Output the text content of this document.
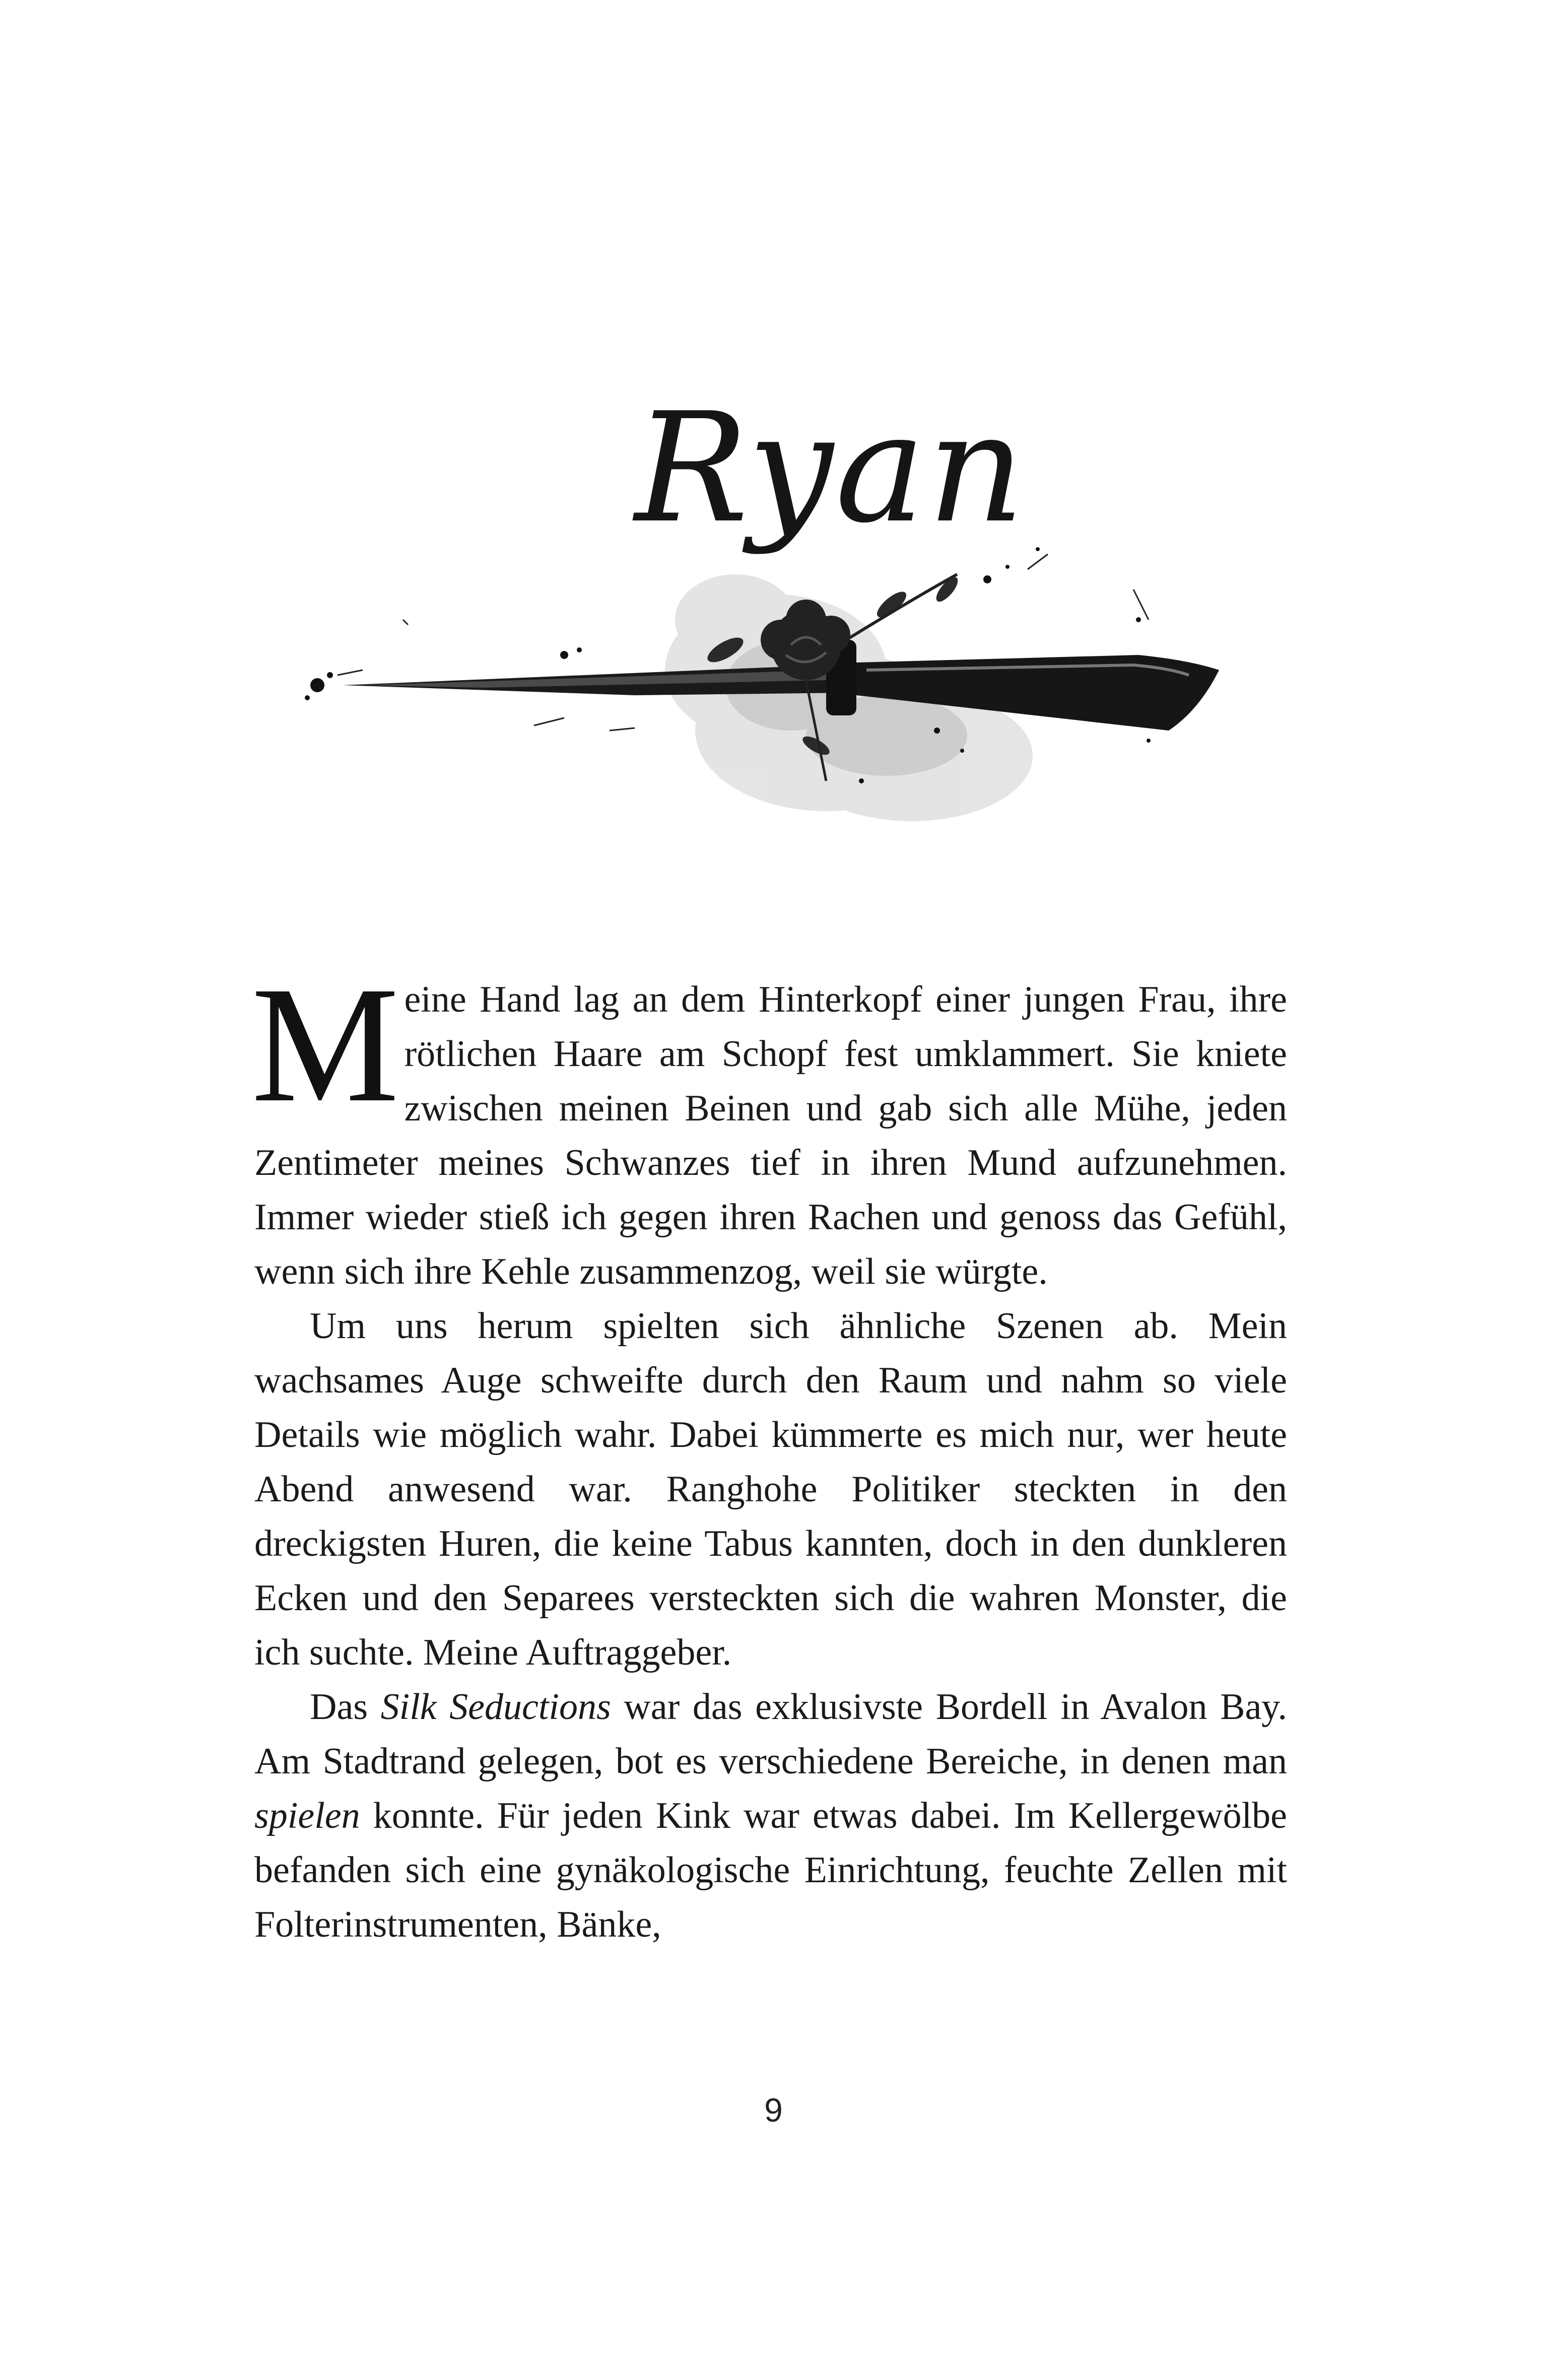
Ryan

Meine Hand lag an dem Hinterkopf einer jungen Frau, ihre rötlichen Haare am Schopf fest umklammert. Sie kniete zwischen meinen Beinen und gab sich alle Mühe, jeden Zentimeter meines Schwanzes tief in ihren Mund aufzunehmen. Immer wieder stieß ich gegen ihren Rachen und genoss das Gefühl, wenn sich ihre Kehle zusammenzog, weil sie würgte.

Um uns herum spielten sich ähnliche Szenen ab. Mein wachsames Auge schweifte durch den Raum und nahm so viele Details wie möglich wahr. Dabei kümmerte es mich nur, wer heute Abend anwesend war. Ranghohe Politiker steckten in den dreckigsten Huren, die keine Tabus kannten, doch in den dunkleren Ecken und den Separees versteckten sich die wahren Monster, die ich suchte. Meine Auftraggeber.

Das Silk Seductions war das exklusivste Bordell in Avalon Bay. Am Stadtrand gelegen, bot es verschiedene Bereiche, in denen man spielen konnte. Für jeden Kink war etwas dabei. Im Kellergewölbe befanden sich eine gynäkologische Einrichtung, feuchte Zellen mit Folterinstrumenten, Bänke,

9
